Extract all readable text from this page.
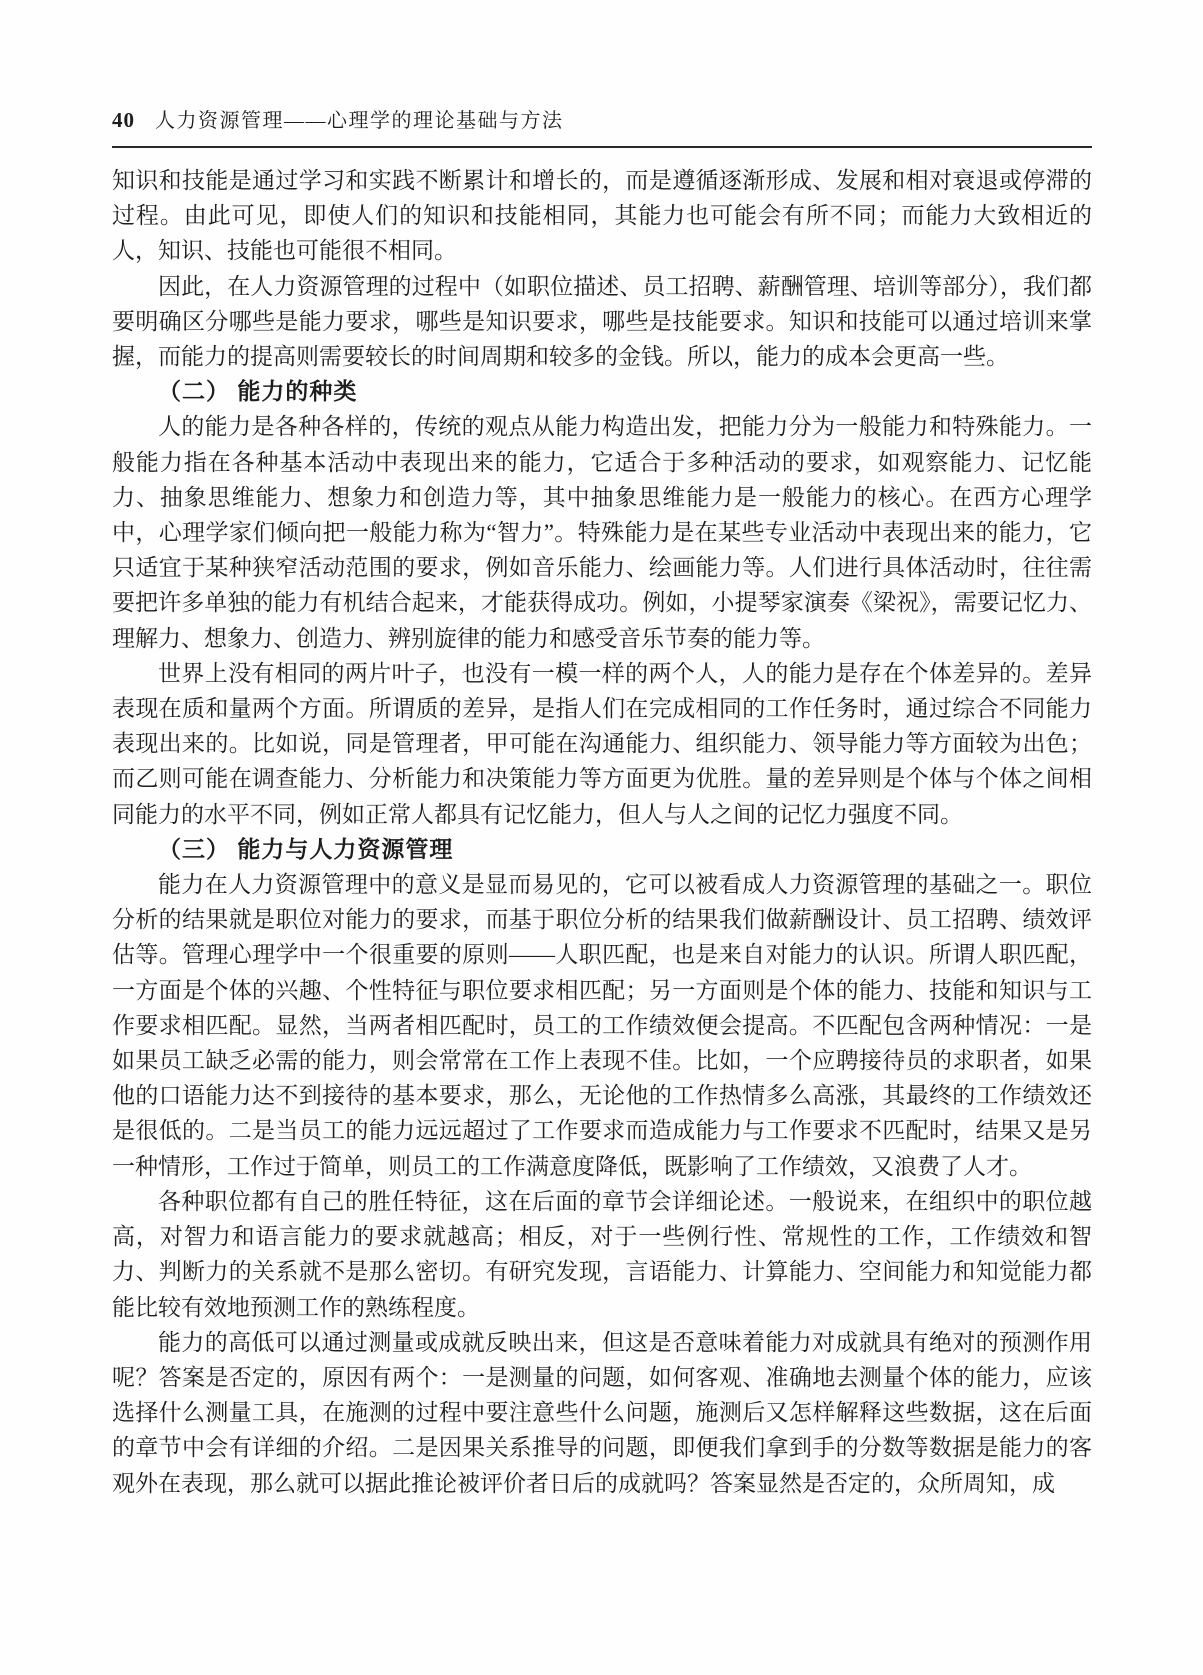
40 人力资源管理——心理学的理论基础与方法

知识和技能是通过学习和实践不断累计和增长的，而是遵循逐渐形成、发展和相对衰退或停滞的过程。由此可见，即使人们的知识和技能相同，其能力也可能会有所不同；而能力大致相近的人，知识、技能也可能很不相同。

因此，在人力资源管理的过程中（如职位描述、员工招聘、薪酬管理、培训等部分），我们都要明确区分哪些是能力要求，哪些是知识要求，哪些是技能要求。知识和技能可以通过培训来掌握，而能力的提高则需要较长的时间周期和较多的金钱。所以，能力的成本会更高一些。

（二） 能力的种类

人的能力是各种各样的，传统的观点从能力构造出发，把能力分为一般能力和特殊能力。一般能力指在各种基本活动中表现出来的能力，它适合于多种活动的要求，如观察能力、记忆能力、抽象思维能力、想象力和创造力等，其中抽象思维能力是一般能力的核心。在西方心理学中，心理学家们倾向把一般能力称为“智力”。特殊能力是在某些专业活动中表现出来的能力，它只适宜于某种狭窄活动范围的要求，例如音乐能力、绘画能力等。人们进行具体活动时，往往需要把许多单独的能力有机结合起来，才能获得成功。例如，小提琴家演奏《梁祝》，需要记忆力、理解力、想象力、创造力、辨别旋律的能力和感受音乐节奏的能力等。

世界上没有相同的两片叶子，也没有一模一样的两个人，人的能力是存在个体差异的。差异表现在质和量两个方面。所谓质的差异，是指人们在完成相同的工作任务时，通过综合不同能力表现出来的。比如说，同是管理者，甲可能在沟通能力、组织能力、领导能力等方面较为出色；而乙则可能在调查能力、分析能力和决策能力等方面更为优胜。量的差异则是个体与个体之间相同能力的水平不同，例如正常人都具有记忆能力，但人与人之间的记忆力强度不同。

（三） 能力与人力资源管理

能力在人力资源管理中的意义是显而易见的，它可以被看成人力资源管理的基础之一。职位分析的结果就是职位对能力的要求，而基于职位分析的结果我们做薪酬设计、员工招聘、绩效评估等。管理心理学中一个很重要的原则——人职匹配，也是来自对能力的认识。所谓人职匹配，一方面是个体的兴趣、个性特征与职位要求相匹配；另一方面则是个体的能力、技能和知识与工作要求相匹配。显然，当两者相匹配时，员工的工作绩效便会提高。不匹配包含两种情况：一是如果员工缺乏必需的能力，则会常常在工作上表现不佳。比如，一个应聘接待员的求职者，如果他的口语能力达不到接待的基本要求，那么，无论他的工作热情多么高涨，其最终的工作绩效还是很低的。二是当员工的能力远远超过了工作要求而造成能力与工作要求不匹配时，结果又是另一种情形，工作过于简单，则员工的工作满意度降低，既影响了工作绩效，又浪费了人才。

各种职位都有自己的胜任特征，这在后面的章节会详细论述。一般说来，在组织中的职位越高，对智力和语言能力的要求就越高；相反，对于一些例行性、常规性的工作，工作绩效和智力、判断力的关系就不是那么密切。有研究发现，言语能力、计算能力、空间能力和知觉能力都能比较有效地预测工作的熟练程度。

能力的高低可以通过测量或成就反映出来，但这是否意味着能力对成就具有绝对的预测作用呢？答案是否定的，原因有两个：一是测量的问题，如何客观、准确地去测量个体的能力，应该选择什么测量工具，在施测的过程中要注意些什么问题，施测后又怎样解释这些数据，这在后面的章节中会有详细的介绍。二是因果关系推导的问题，即便我们拿到手的分数等数据是能力的客观外在表现，那么就可以据此推论被评价者日后的成就吗？答案显然是否定的，众所周知，成
